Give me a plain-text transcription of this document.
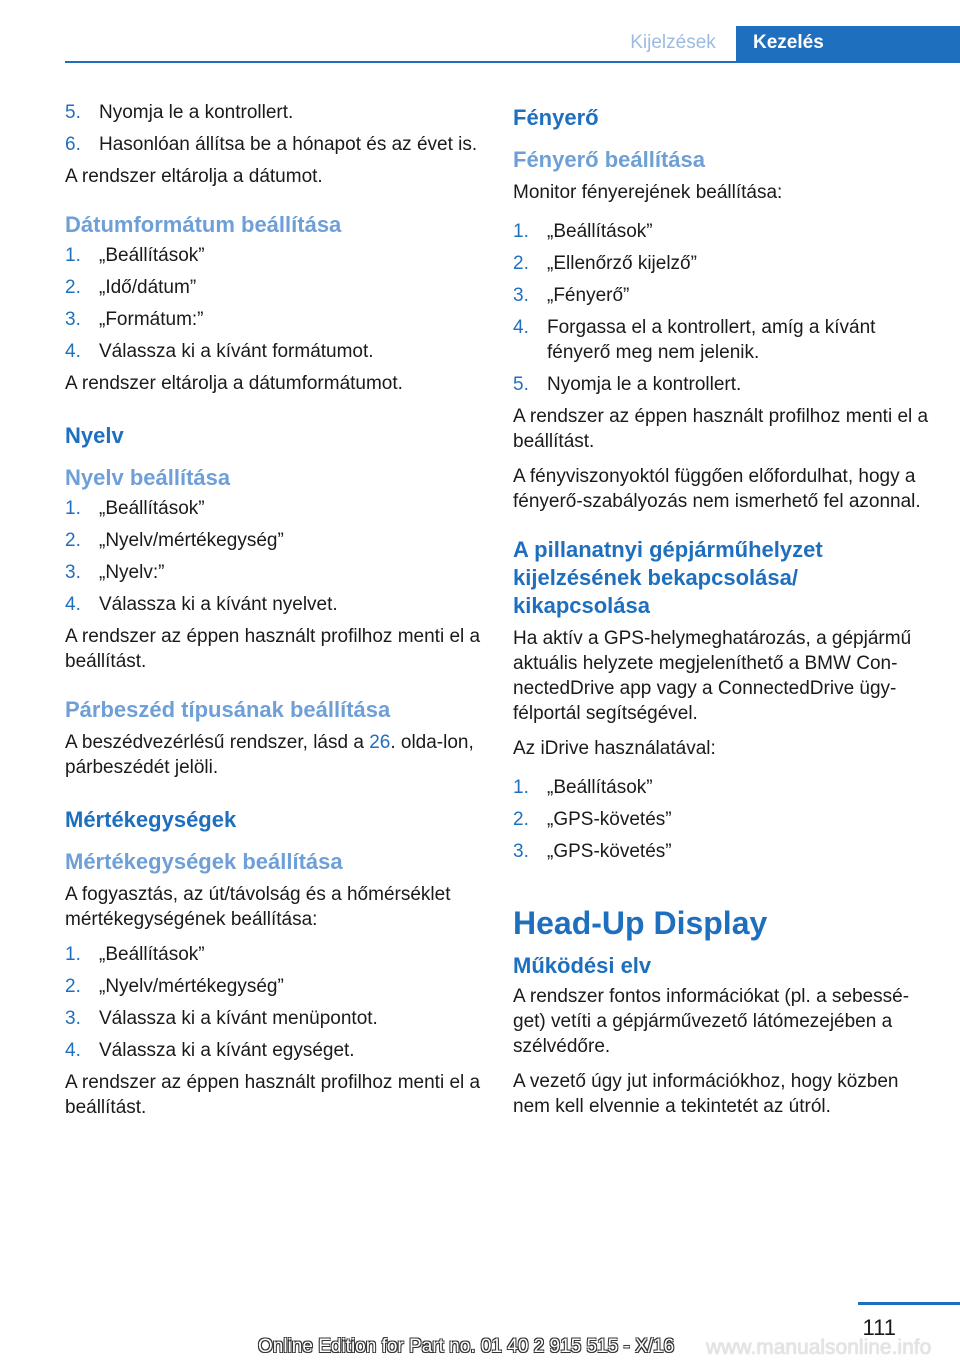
Kijelzések	Kezelés
5. Nyomja le a kontrollert.
6. Hasonlóan állítsa be a hónapot és az évet is.

A rendszer eltárolja a dátumot.

Dátumformátum beállítása
1. „Beállítások”
2. „Idő/dátum”
3. „Formátum:”
4. Válassza ki a kívánt formátumot.

A rendszer eltárolja a dátumformátumot.

Nyelv
Nyelv beállítása
1. „Beállítások”
2. „Nyelv/mértékegység”
3. „Nyelv:”
4. Válassza ki a kívánt nyelvet.

A rendszer az éppen használt profilhoz menti el a beállítást.

Párbeszéd típusának beállítása

A beszédvezérlésű rendszer, lásd a 26. olda-lon, párbeszédét jelöli.

Mértékegységek
Mértékegységek beállítása

A fogyasztás, az út/távolság és a hőmérséklet mértékegységének beállítása:

1. „Beállítások”
2. „Nyelv/mértékegység”
3. Válassza ki a kívánt menüpontot.
4. Válassza ki a kívánt egységet.

A rendszer az éppen használt profilhoz menti el a beállítást.

Fényerő
Fényerő beállítása

Monitor fényerejének beállítása:

1. „Beállítások”
2. „Ellenőrző kijelző”
3. „Fényerő”
4. Forgassa el a kontrollert, amíg a kívánt fényerő meg nem jelenik.
5. Nyomja le a kontrollert.

A rendszer az éppen használt profilhoz menti el a beállítást.

A fényviszonyoktól függően előfordulhat, hogy a fényerő-szabályozás nem ismerhető fel azonnal.

A pillanatnyi gépjárműhelyzet kijelzésének bekapcsolása/ kikapcsolása

Ha aktív a GPS-helymeghatározás, a gépjármű aktuális helyzete megjeleníthető a BMW Con-nectedDrive app vagy a ConnectedDrive ügy-félportál segítségével.

Az iDrive használatával:

1. „Beállítások”
2. „GPS-követés”
3. „GPS-követés”
Head-Up Display
Működési elv

A rendszer fontos információkat (pl. a sebessé-get) vetíti a gépjárművezető látómezejében a szélvédőre.

A vezető úgy jut információkhoz, hogy közben nem kell elvennie a tekintetét az útról.

111
Online Edition for Part no. 01 40 2 915 515 - X/16	www.manualsonline.info
